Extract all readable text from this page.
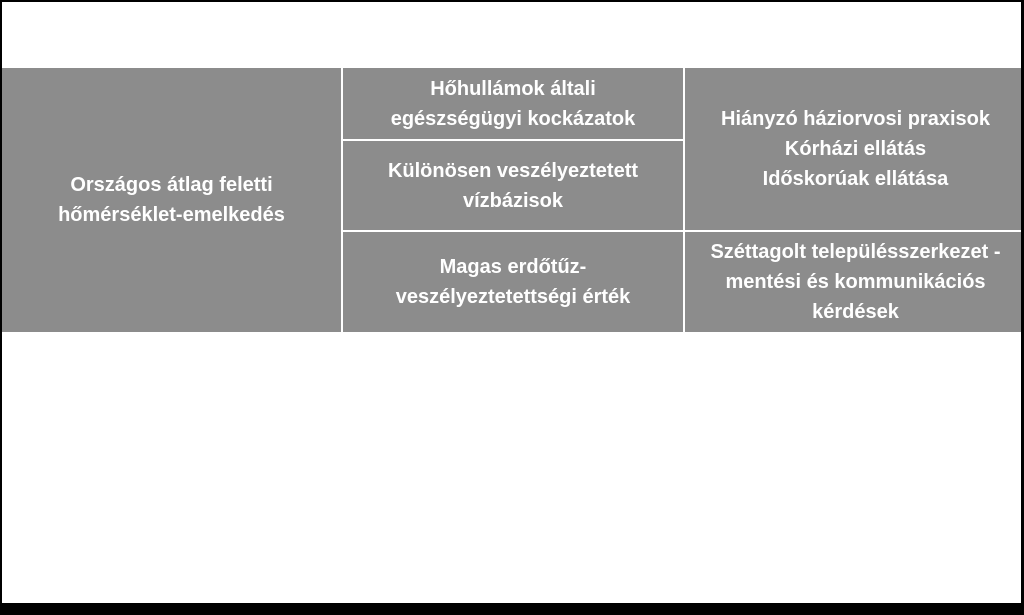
Országos átlag feletti
hőmérséklet-emelkedés
Hőhullámok általi
egészségügyi kockázatok
Különösen veszélyeztetett
vízbázisok
Magas erdőtűz-
veszélyeztetettségi érték
Hiányzó háziorvosi praxisok
Kórházi ellátás
Időskorúak ellátása
Széttagolt településszerkezet -
mentési és kommunikációs
kérdések
